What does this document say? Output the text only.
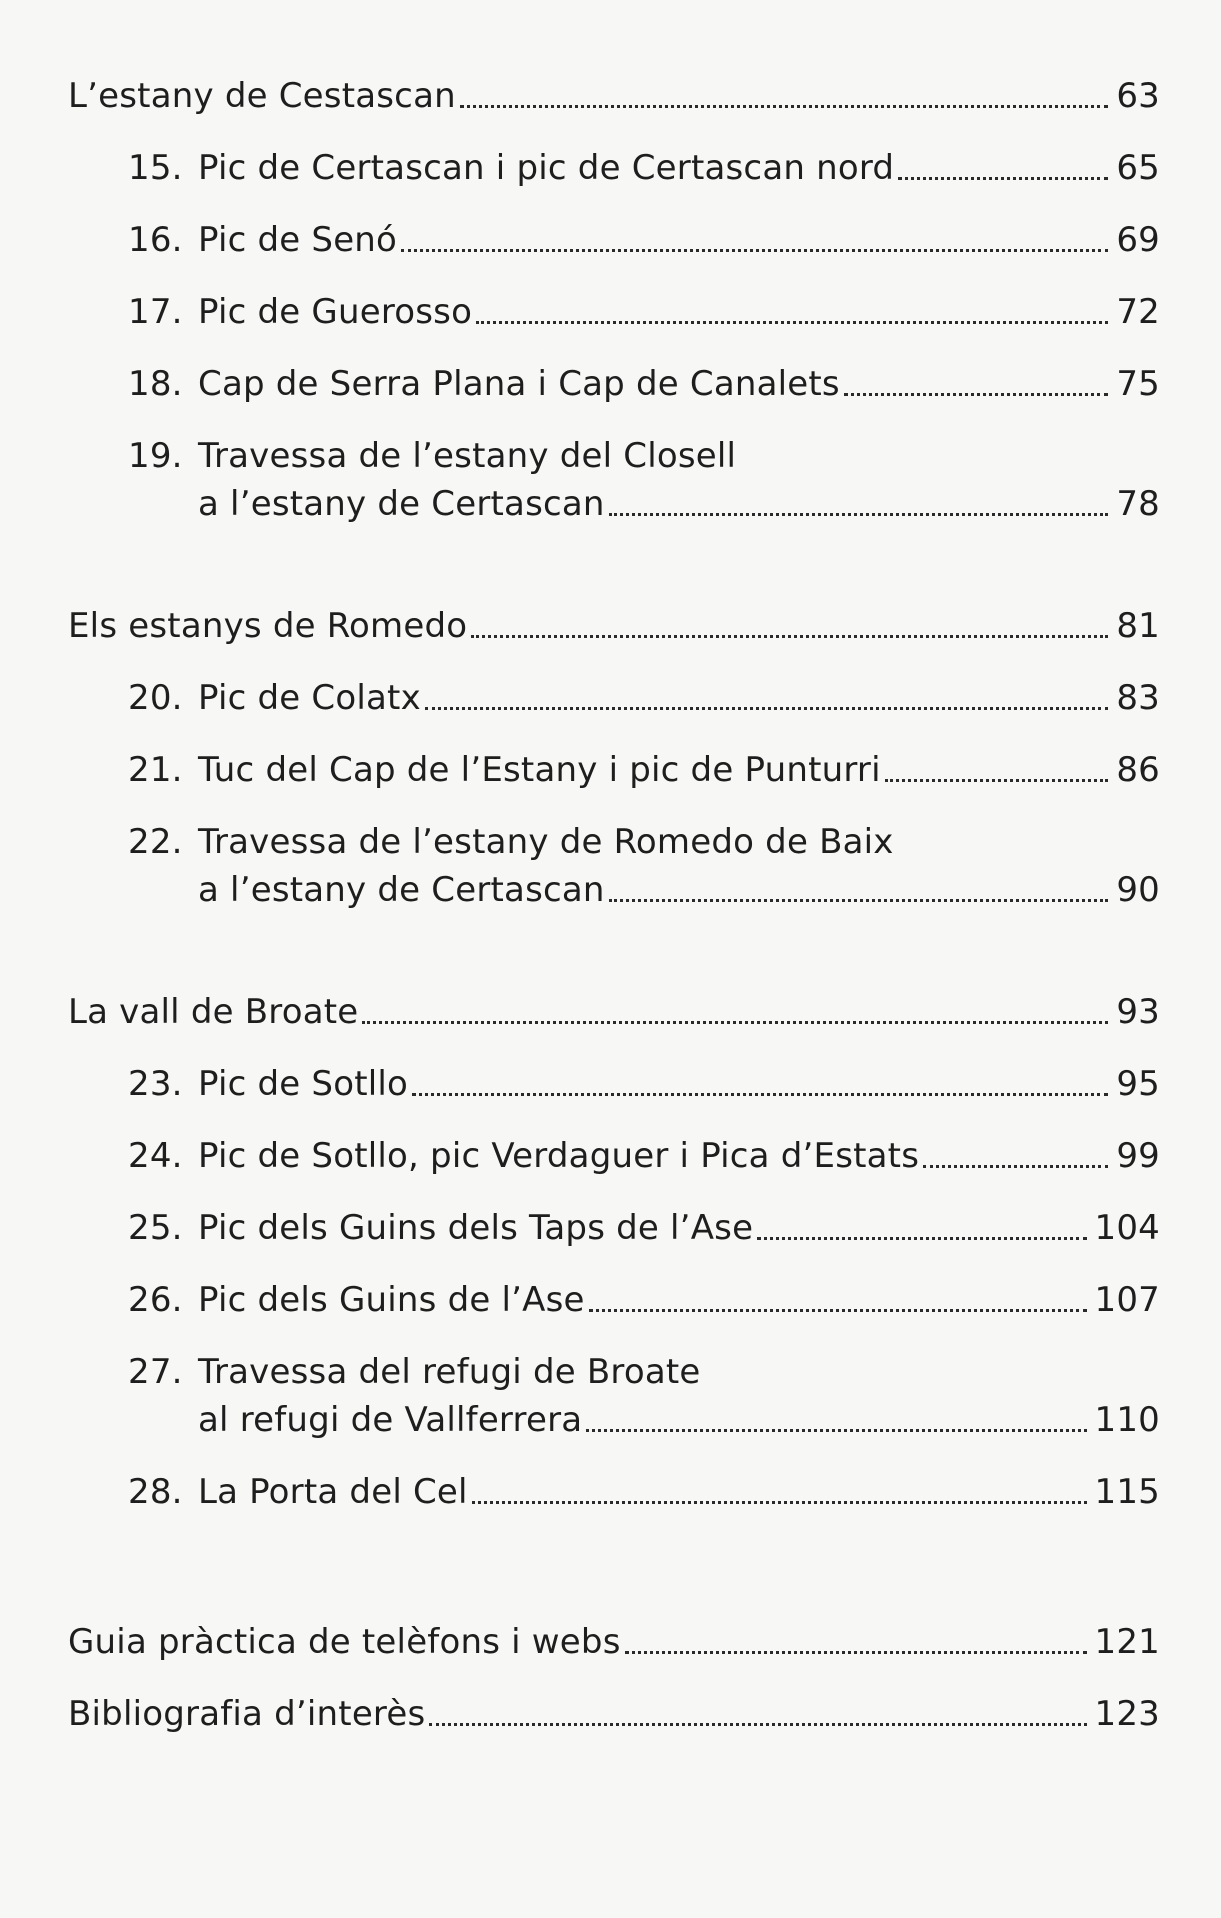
L’estany de Cestascan	63
15. Pic de Certascan i pic de Certascan nord	65
16. Pic de Senó	69
17. Pic de Guerosso	72
18. Cap de Serra Plana i Cap de Canalets	75
19. Travessa de l’estany del Closell
a l’estany de Certascan	78
Els estanys de Romedo	81
20. Pic de Colatx	83
21. Tuc del Cap de l’Estany i pic de Punturri	86
22. Travessa de l’estany de Romedo de Baix
a l’estany de Certascan	90
La vall de Broate	93
23. Pic de Sotllo	95
24. Pic de Sotllo, pic Verdaguer i Pica d’Estats	99
25. Pic dels Guins dels Taps de l’Ase	104
26. Pic dels Guins de l’Ase	107
27. Travessa del refugi de Broate
al refugi de Vallferrera	110
28. La Porta del Cel	115
Guia pràctica de telèfons i webs	121
Bibliografia d’interès	123
